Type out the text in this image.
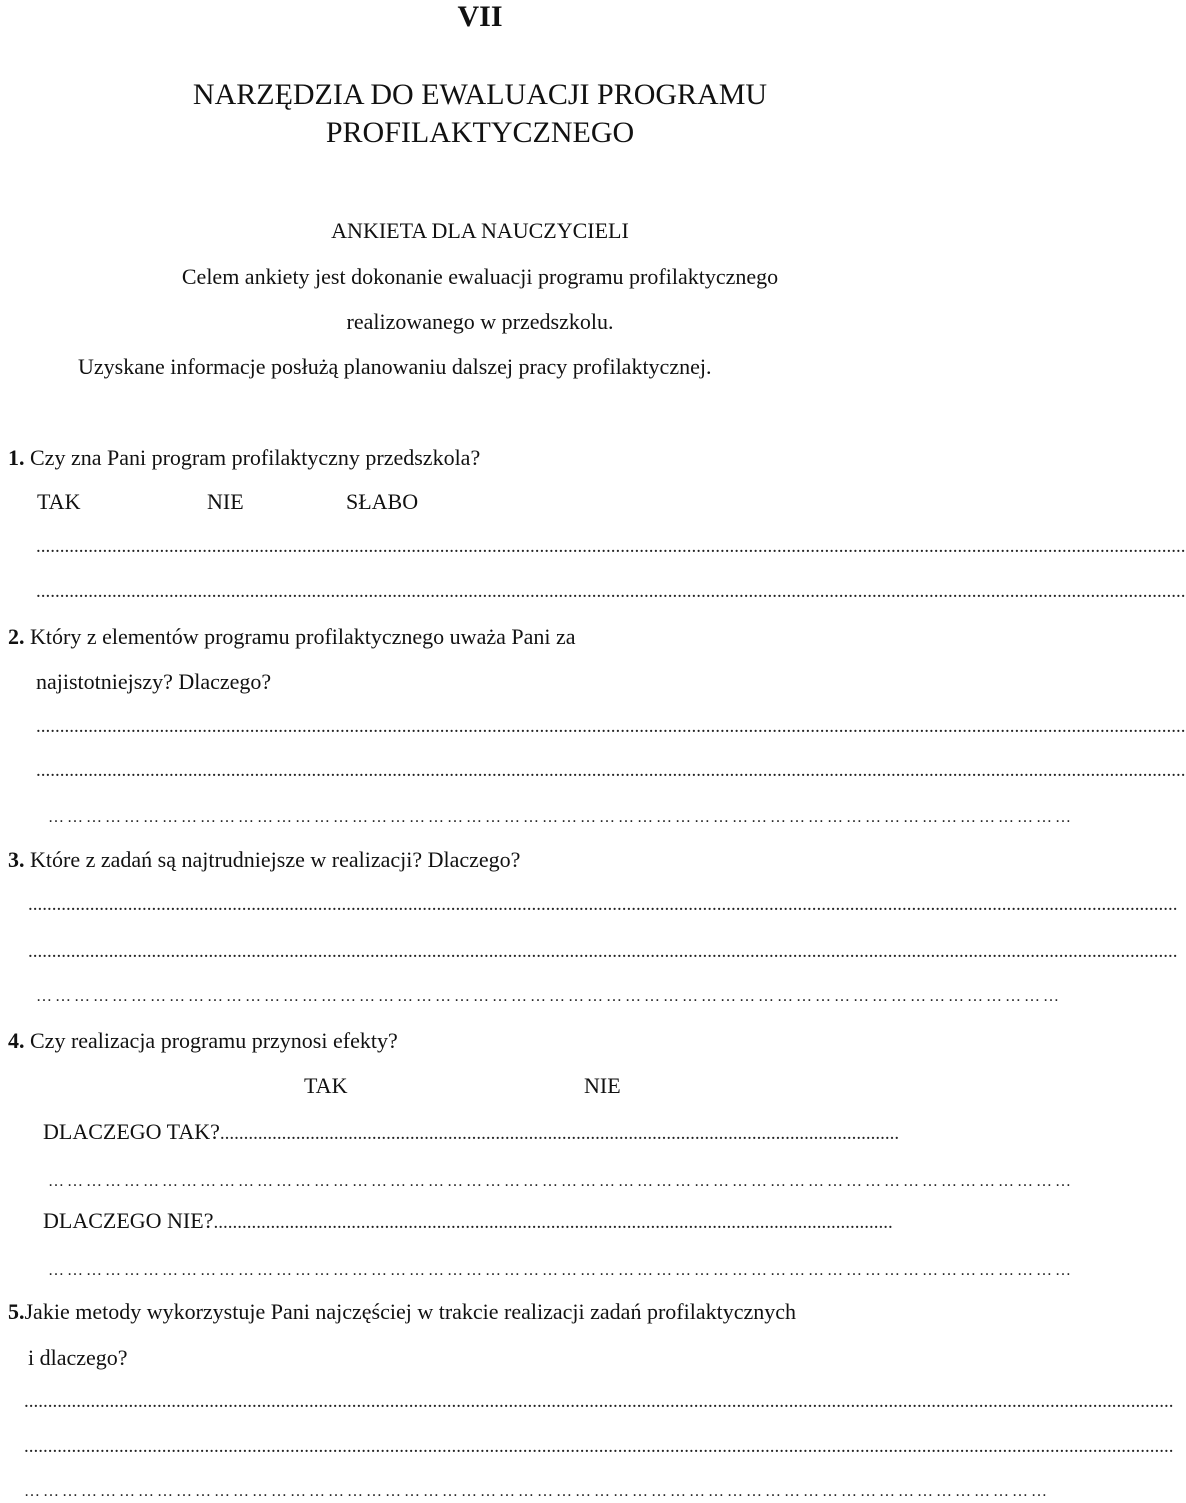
VII
NARZĘDZIA DO EWALUACJI PROGRAMU
PROFILAKTYCZNEGO
ANKIETA DLA NAUCZYCIELI
Celem ankiety jest dokonanie ewaluacji programu profilaktycznego
realizowanego w przedszkolu.
Uzyskane informacje posłużą planowaniu dalszej pracy profilaktycznej.
1. Czy zna Pani program profilaktyczny przedszkola?
TAK	NIE	SŁABO
..................................................................................................................................................................................................................................................
..................................................................................................................................................................................................................................................
2. Który z elementów programu profilaktycznego uważa Pani za
najistotniejszy? Dlaczego?
..................................................................................................................................................................................................................................................
..................................................................................................................................................................................................................................................
………………………………………………………………………………………………………………………………………………
3. Które z zadań są najtrudniejsze w realizacji? Dlaczego?
..................................................................................................................................................................................................................................................
..................................................................................................................................................................................................................................................
………………………………………………………………………………………………………………………………………………
4. Czy realizacja programu przynosi efekty?
TAK	NIE
DLACZEGO TAK?...............................................................................................................................................
………………………………………………………………………………………………………………………………………………
DLACZEGO NIE?...............................................................................................................................................
………………………………………………………………………………………………………………………………………………
5.Jakie metody wykorzystuje Pani najczęściej w trakcie realizacji zadań profilaktycznych
i dlaczego?
..................................................................................................................................................................................................................................................
..................................................................................................................................................................................................................................................
………………………………………………………………………………………………………………………………………………
